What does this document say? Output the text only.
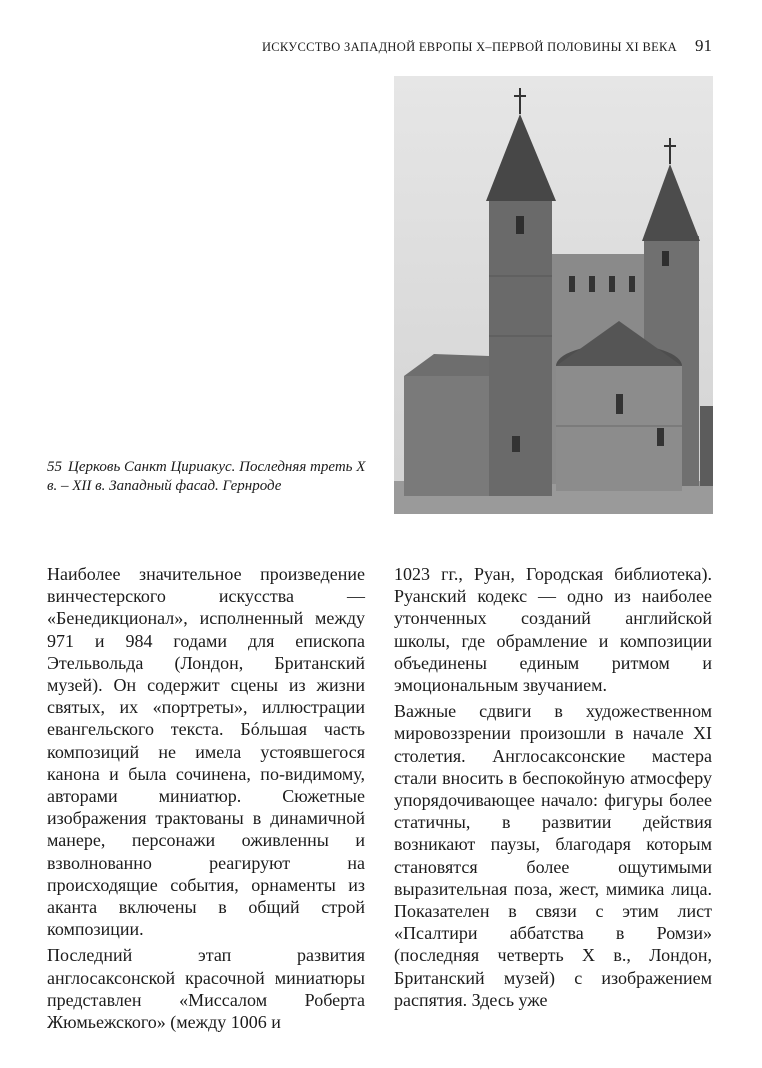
ИСКУССТВО ЗАПАДНОЙ ЕВРОПЫ X–ПЕРВОЙ ПОЛОВИНЫ XI ВЕКА 91
55 Церковь Санкт Цириакус. Последняя треть X в. – XII в. Западный фасад. Гернроде

Наиболее значительное произведение винчестерского искусства — «Бенедикционал», исполненный между 971 и 984 годами для епископа Этельвольда (Лондон, Британский музей). Он содержит сцены из жизни святых, их «портреты», иллюстрации евангельского текста. Бóльшая часть композиций не имела устоявшегося канона и была сочинена, по-видимому, авторами миниатюр. Сюжетные изображения трактованы в динамичной манере, персонажи оживленны и взволнованно реагируют на происходящие события, орнаменты из аканта включены в общий строй композиции.

Последний этап развития англосаксонской красочной миниатюры представлен «Миссалом Роберта Жюмьежского» (между 1006 и

1023 гг., Руан, Городская библиотека). Руанский кодекс — одно из наиболее утонченных созданий английской школы, где обрамление и композиции объединены единым ритмом и эмоциональным звучанием.

Важные сдвиги в художественном мировоззрении произошли в начале XI столетия. Англосаксонские мастера стали вносить в беспокойную атмосферу упорядочивающее начало: фигуры более статичны, в развитии действия возникают паузы, благодаря которым становятся более ощутимыми выразительная поза, жест, мимика лица. Показателен в связи с этим лист «Псалтири аббатства в Ромзи» (последняя четверть X в., Лондон, Британский музей) с изображением распятия. Здесь уже
